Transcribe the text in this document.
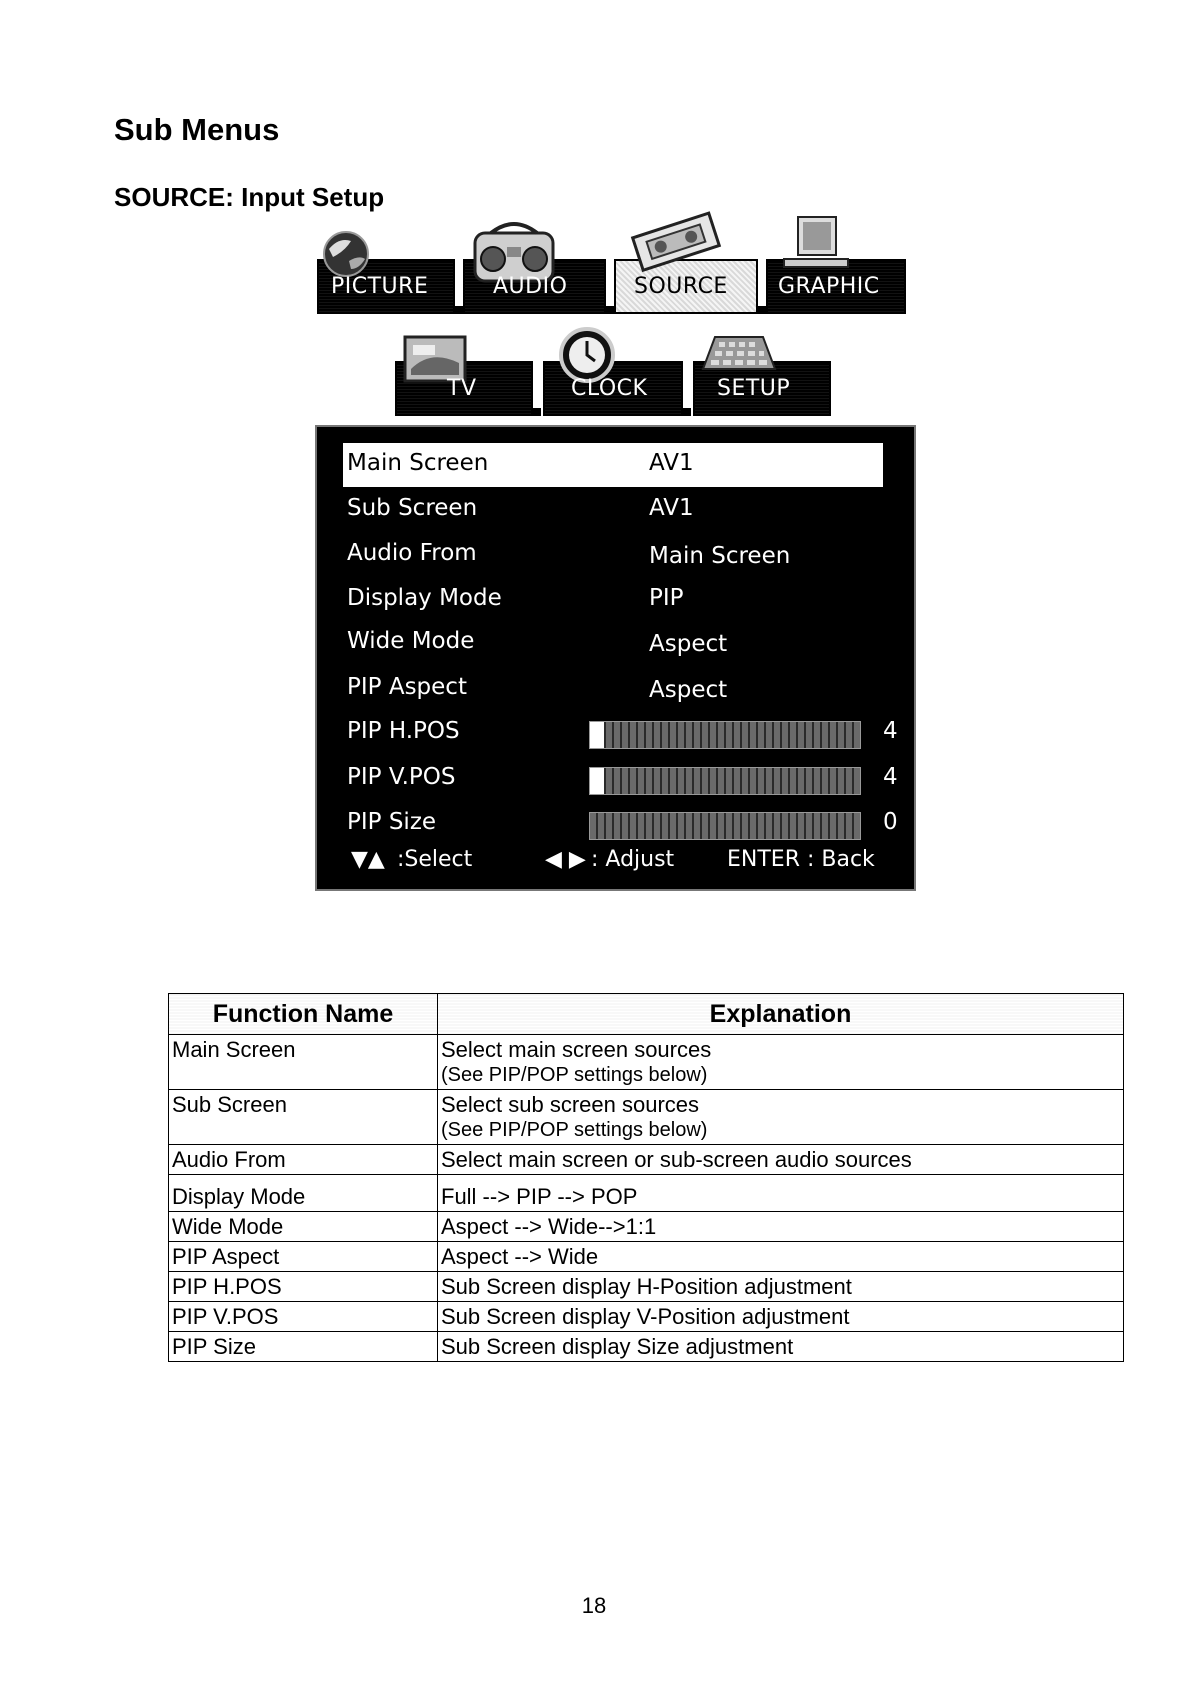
Sub Menus
SOURCE: Input Setup
PICTURE	AUDIO	SOURCE GRAPHIC
TV	CLOCK	SETUP
Main Screen	AV1
Sub Screen	AV1
Audio From	Main Screen
Display Mode	PIP
Wide Mode	Aspect
PIP Aspect	Aspect
PIP H.POS	4
PIP V.POS	4
PIP Size	0
▼▲ :Select	◀ ▶ : Adjust ENTER : Back
Function Name	Explanation
Main Screen	Select main screen sources
(See PIP/POP settings below)

Sub Screen	Select sub screen sources
(See PIP/POP settings below)

Audio From	Select main screen or sub-screen audio sources
Display Mode	Full --> PIP --> POP
Wide Mode	Aspect --> Wide-->1:1
PIP Aspect	Aspect --> Wide
PIP H.POS	Sub Screen display H-Position adjustment
PIP V.POS	Sub Screen display V-Position adjustment
PIP Size	Sub Screen display Size adjustment
18
